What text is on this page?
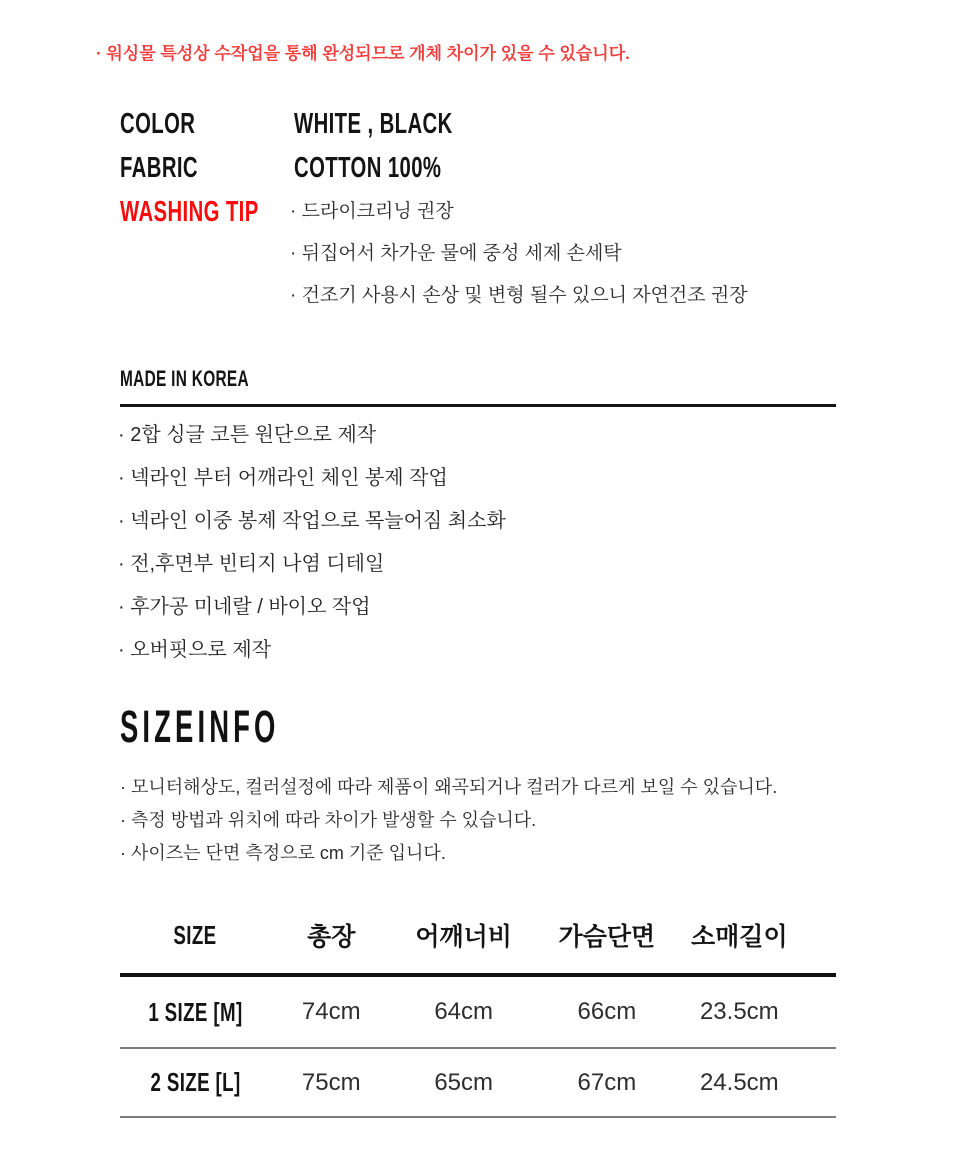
· 워싱물 특성상 수작업을 통해 완성되므로 개체 차이가 있을 수 있습니다.
COLOR	WHITE , BLACK
FABRIC	COTTON 100%
WASHING TIP	· 드라이크리닝 권장
· 뒤집어서 차가운 물에 중성 세제 손세탁
· 건조기 사용시 손상 및 변형 될수 있으니 자연건조 권장
MADE IN KOREA
· 2합 싱글 코튼 원단으로 제작
· 넥라인 부터 어깨라인 체인 봉제 작업
· 넥라인 이중 봉제 작업으로 목늘어짐 최소화
· 전,후면부 빈티지 나염 디테일
· 후가공 미네랄 / 바이오 작업
· 오버핏으로 제작
SIZEINFO
· 모니터해상도, 컬러설정에 따라 제품이 왜곡되거나 컬러가 다르게 보일 수 있습니다.
· 측정 방법과 위치에 따라 차이가 발생할 수 있습니다.
· 사이즈는 단면 측정으로 cm 기준 입니다.
SIZE	총장	어깨너비	가슴단면	소매길이
1 SIZE [M]	74cm	64cm	66cm	23.5cm
2 SIZE [L]	75cm	65cm	67cm	24.5cm
